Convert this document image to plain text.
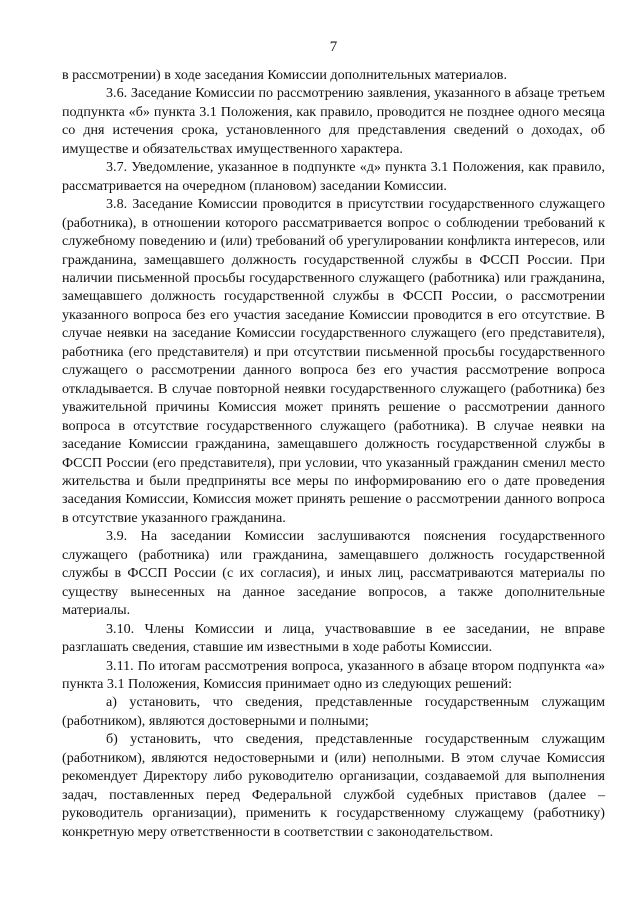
7

в рассмотрении) в ходе заседания Комиссии дополнительных материалов.

3.6. Заседание Комиссии по рассмотрению заявления, указанного в абзаце третьем подпункта «б» пункта 3.1 Положения, как правило, проводится не позднее одного месяца со дня истечения срока, установленного для представления сведений о доходах, об имуществе и обязательствах имущественного характера.

3.7. Уведомление, указанное в подпункте «д» пункта 3.1 Положения, как правило, рассматривается на очередном (плановом) заседании Комиссии.

3.8. Заседание Комиссии проводится в присутствии государственного служащего (работника), в отношении которого рассматривается вопрос о соблюдении требований к служебному поведению и (или) требований об урегулировании конфликта интересов, или гражданина, замещавшего должность государственной службы в ФССП России. При наличии письменной просьбы государственного служащего (работника) или гражданина, замещавшего должность государственной службы в ФССП России, о рассмотрении указанного вопроса без его участия заседание Комиссии проводится в его отсутствие. В случае неявки на заседание Комиссии государственного служащего (его представителя), работника (его представителя) и при отсутствии письменной просьбы государственного служащего о рассмотрении данного вопроса без его участия рассмотрение вопроса откладывается. В случае повторной неявки государственного служащего (работника) без уважительной причины Комиссия может принять решение о рассмотрении данного вопроса в отсутствие государственного служащего (работника). В случае неявки на заседание Комиссии гражданина, замещавшего должность государственной службы в ФССП России (его представителя), при условии, что указанный гражданин сменил место жительства и были предприняты все меры по информированию его о дате проведения заседания Комиссии, Комиссия может принять решение о рассмотрении данного вопроса в отсутствие указанного гражданина.

3.9. На заседании Комиссии заслушиваются пояснения государственного служащего (работника) или гражданина, замещавшего должность государственной службы в ФССП России (с их согласия), и иных лиц, рассматриваются материалы по существу вынесенных на данное заседание вопросов, а также дополнительные материалы.

3.10. Члены Комиссии и лица, участвовавшие в ее заседании, не вправе разглашать сведения, ставшие им известными в ходе работы Комиссии.

3.11. По итогам рассмотрения вопроса, указанного в абзаце втором подпункта «а» пункта 3.1 Положения, Комиссия принимает одно из следующих решений:

а) установить, что сведения, представленные государственным служащим (работником), являются достоверными и полными;

б) установить, что сведения, представленные государственным служащим (работником), являются недостоверными и (или) неполными. В этом случае Комиссия рекомендует Директору либо руководителю организации, создаваемой для выполнения задач, поставленных перед Федеральной службой судебных приставов (далее – руководитель организации), применить к государственному служащему (работнику) конкретную меру ответственности в соответствии с законодательством.
